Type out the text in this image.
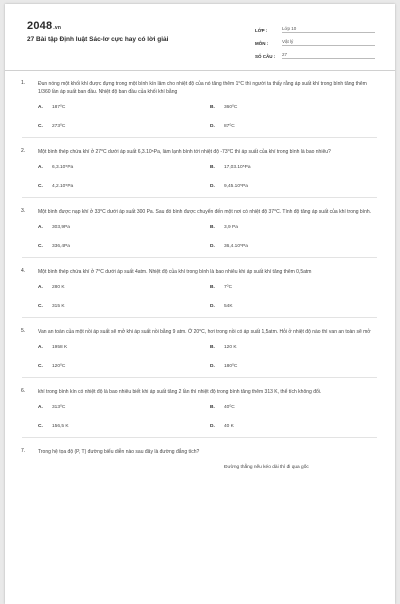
2048.vn
27 Bài tập Định luật Sác-lơ cực hay có lời giải
LỚP :	Lớp 10
MÔN :	Vật lý
SỐ CÂU :	27
1.	Đun nóng một khối khí được đựng trong một bình kín lâm cho nhiệt độ của nó tăng thêm 1⁰C thì người ta thấy rằng áp suất khí trong bình tăng thêm 1/360 lần áp suất ban đầu. Nhiệt độ ban đầu của khối khí bằng
A.	187⁰C	B.	360⁰C
C.	273⁰C	D.	87⁰C
2.	Một bình thép chứa khí ở 27⁰C dưới áp suất 6,3.10⁵Pa, làm lạnh bình tới nhiệt độ -73⁰C thì áp suất của khí trong bình là bao nhiêu?
A.	6,3.10⁵Pa	B.	17,03.10⁵Pa
C.	4,2.10⁵Pa	D.	9,45.10⁵Pa
3.	Một bình được nạp khí ở 33⁰C dưới áp suất 300 Pa. Sau đó bình được chuyển đến một nơi có nhiệt độ 37⁰C. Tính độ tăng áp suất của khí trong bình.
A.	303,9Pa	B.	3,9 Pa
C.	336,4Pa	D.	36,4.10⁵Pa
4.	Một bình thép chứa khí ở 7⁰C dưới áp suất 4atm. Nhiệt độ của khí trong bình là bao nhiêu khi áp suất khí tăng thêm 0,5atm
A.	280 K	B.	7⁰C
C.	315 K	D.	54K
5.	Van an toàn của một nồi áp suất sẽ mở khi áp suất nồi bằng 9 atm. Ở 20⁰C, hơi trong nồi có áp suất 1,5atm. Hỏi ở nhiệt độ nào thì van an toàn sẽ mở
A.	1958 K	B.	120 K
C.	120⁰C	D.	180⁰C
6.	khí trong bình kín có nhiệt độ là bao nhiêu biết khi áp suất tăng 2 lần thì nhiệt độ trong bình tăng thêm 313 K, thể tích không đổi.
A.	313⁰C	B.	40⁰C
C.	156,5 K	D.	40 K
7.	Trong hệ tọa độ (P, T) đường biểu diễn nào sau đây là đường đẳng tích?
Đường thẳng nếu kéo dài thì đi qua gốc
